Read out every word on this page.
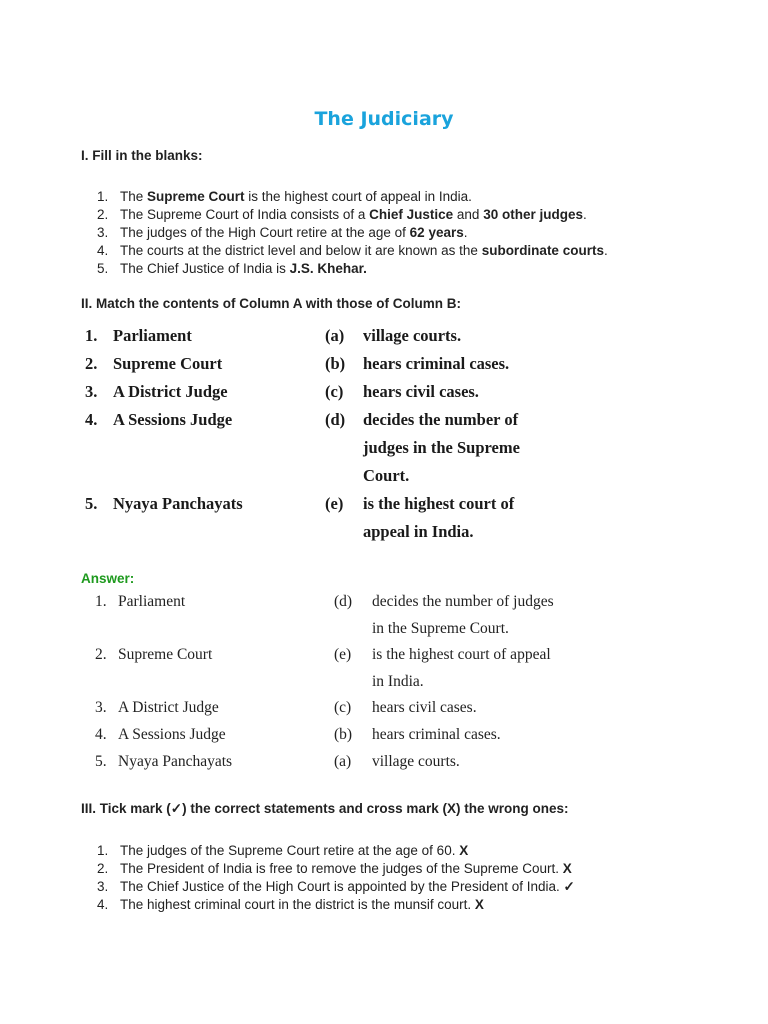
The Judiciary
I. Fill in the blanks:
1. The Supreme Court is the highest court of appeal in India.
2. The Supreme Court of India consists of a Chief Justice and 30 other judges.
3. The judges of the High Court retire at the age of 62 years.
4. The courts at the district level and below it are known as the subordinate courts.
5. The Chief Justice of India is J.S. Khehar.
II. Match the contents of Column A with those of Column B:
1. Parliament	(a) village courts.
2. Supreme Court	(b) hears criminal cases.
3. A District Judge	(c) hears civil cases.
4. A Sessions Judge	(d) decides the number of
judges in the Supreme
Court.
5. Nyaya Panchayats	(e) is the highest court of
appeal in India.
Answer:
1. Parliament	(d) decides the number of judges
in the Supreme Court.
2. Supreme Court	(e) is the highest court of appeal
in India.
3. A District Judge	(c) hears civil cases.
4. A Sessions Judge	(b) hears criminal cases.
5. Nyaya Panchayats	(a) village courts.
III. Tick mark (✓) the correct statements and cross mark (X) the wrong ones:
1. The judges of the Supreme Court retire at the age of 60. X
2. The President of India is free to remove the judges of the Supreme Court. X
3. The Chief Justice of the High Court is appointed by the President of India. ✓
4. The highest criminal court in the district is the munsif court. X
